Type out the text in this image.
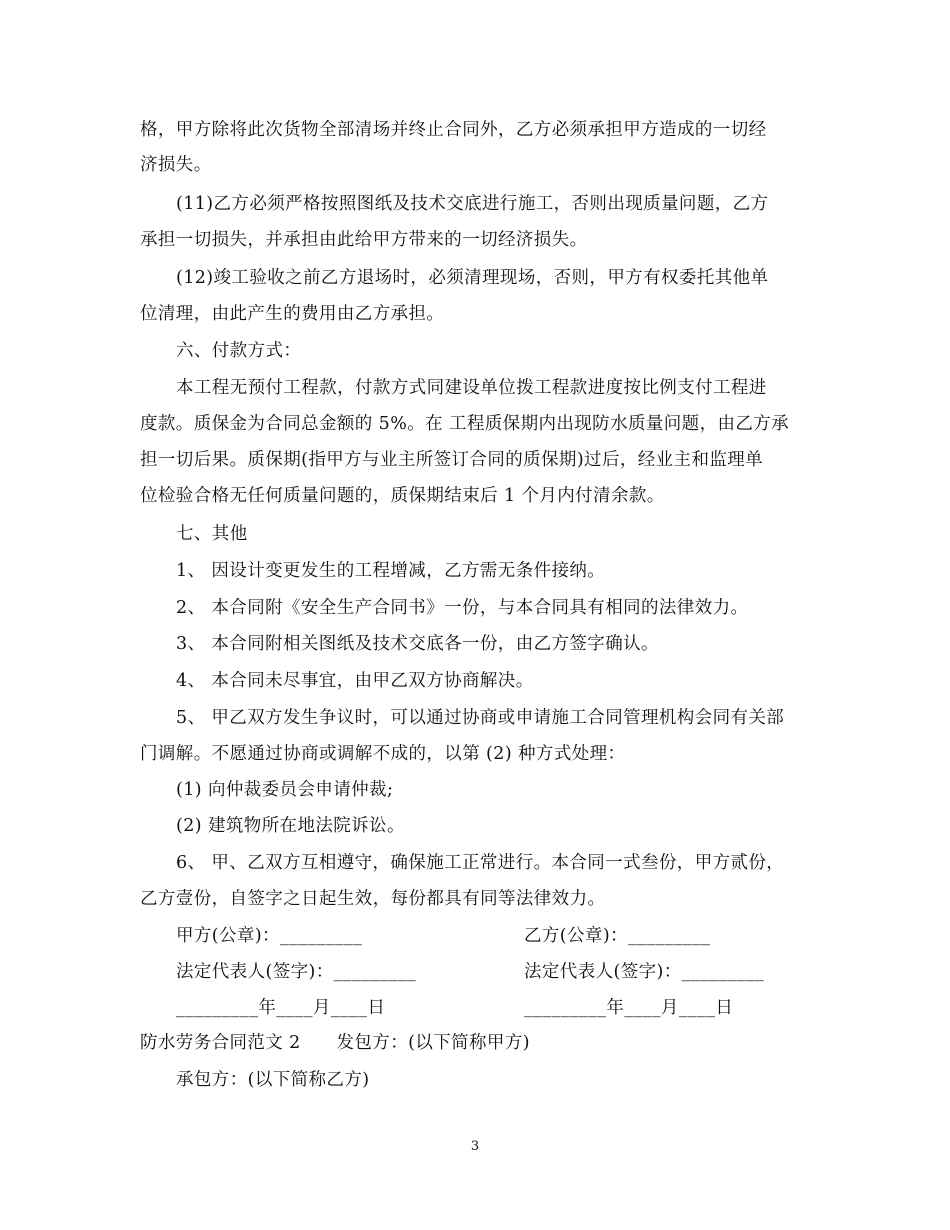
格，甲方除将此次货物全部清场并终止合同外，乙方必须承担甲方造成的一切经
济损失。
(11)乙方必须严格按照图纸及技术交底进行施工，否则出现质量问题，乙方
承担一切损失，并承担由此给甲方带来的一切经济损失。
(12)竣工验收之前乙方退场时，必须清理现场，否则，甲方有权委托其他单
位清理，由此产生的费用由乙方承担。
六、付款方式：
本工程无预付工程款，付款方式同建设单位拨工程款进度按比例支付工程进
度款。质保金为合同总金额的 5%。在 工程质保期内出现防水质量问题，由乙方承
担一切后果。质保期(指甲方与业主所签订合同的质保期)过后，经业主和监理单
位检验合格无任何质量问题的，质保期结束后 1 个月内付清余款。
七、其他
1、 因设计变更发生的工程增减，乙方需无条件接纳。
2、 本合同附《安全生产合同书》一份，与本合同具有相同的法律效力。
3、 本合同附相关图纸及技术交底各一份，由乙方签字确认。
4、 本合同未尽事宜，由甲乙双方协商解决。
5、 甲乙双方发生争议时，可以通过协商或申请施工合同管理机构会同有关部
门调解。不愿通过协商或调解不成的，以第 (2) 种方式处理：
(1) 向仲裁委员会申请仲裁;
(2) 建筑物所在地法院诉讼。
6、 甲、乙双方互相遵守，确保施工正常进行。本合同一式叁份，甲方贰份，
乙方壹份，自签字之日起生效，每份都具有同等法律效力。
甲方(公章)：_________	乙方(公章)：_________
法定代表人(签字)：_________	法定代表人(签字)：_________
_________年____月____日	_________年____月____日
防水劳务合同范文 2　　发包方：(以下简称甲方)
承包方：(以下简称乙方)
3
